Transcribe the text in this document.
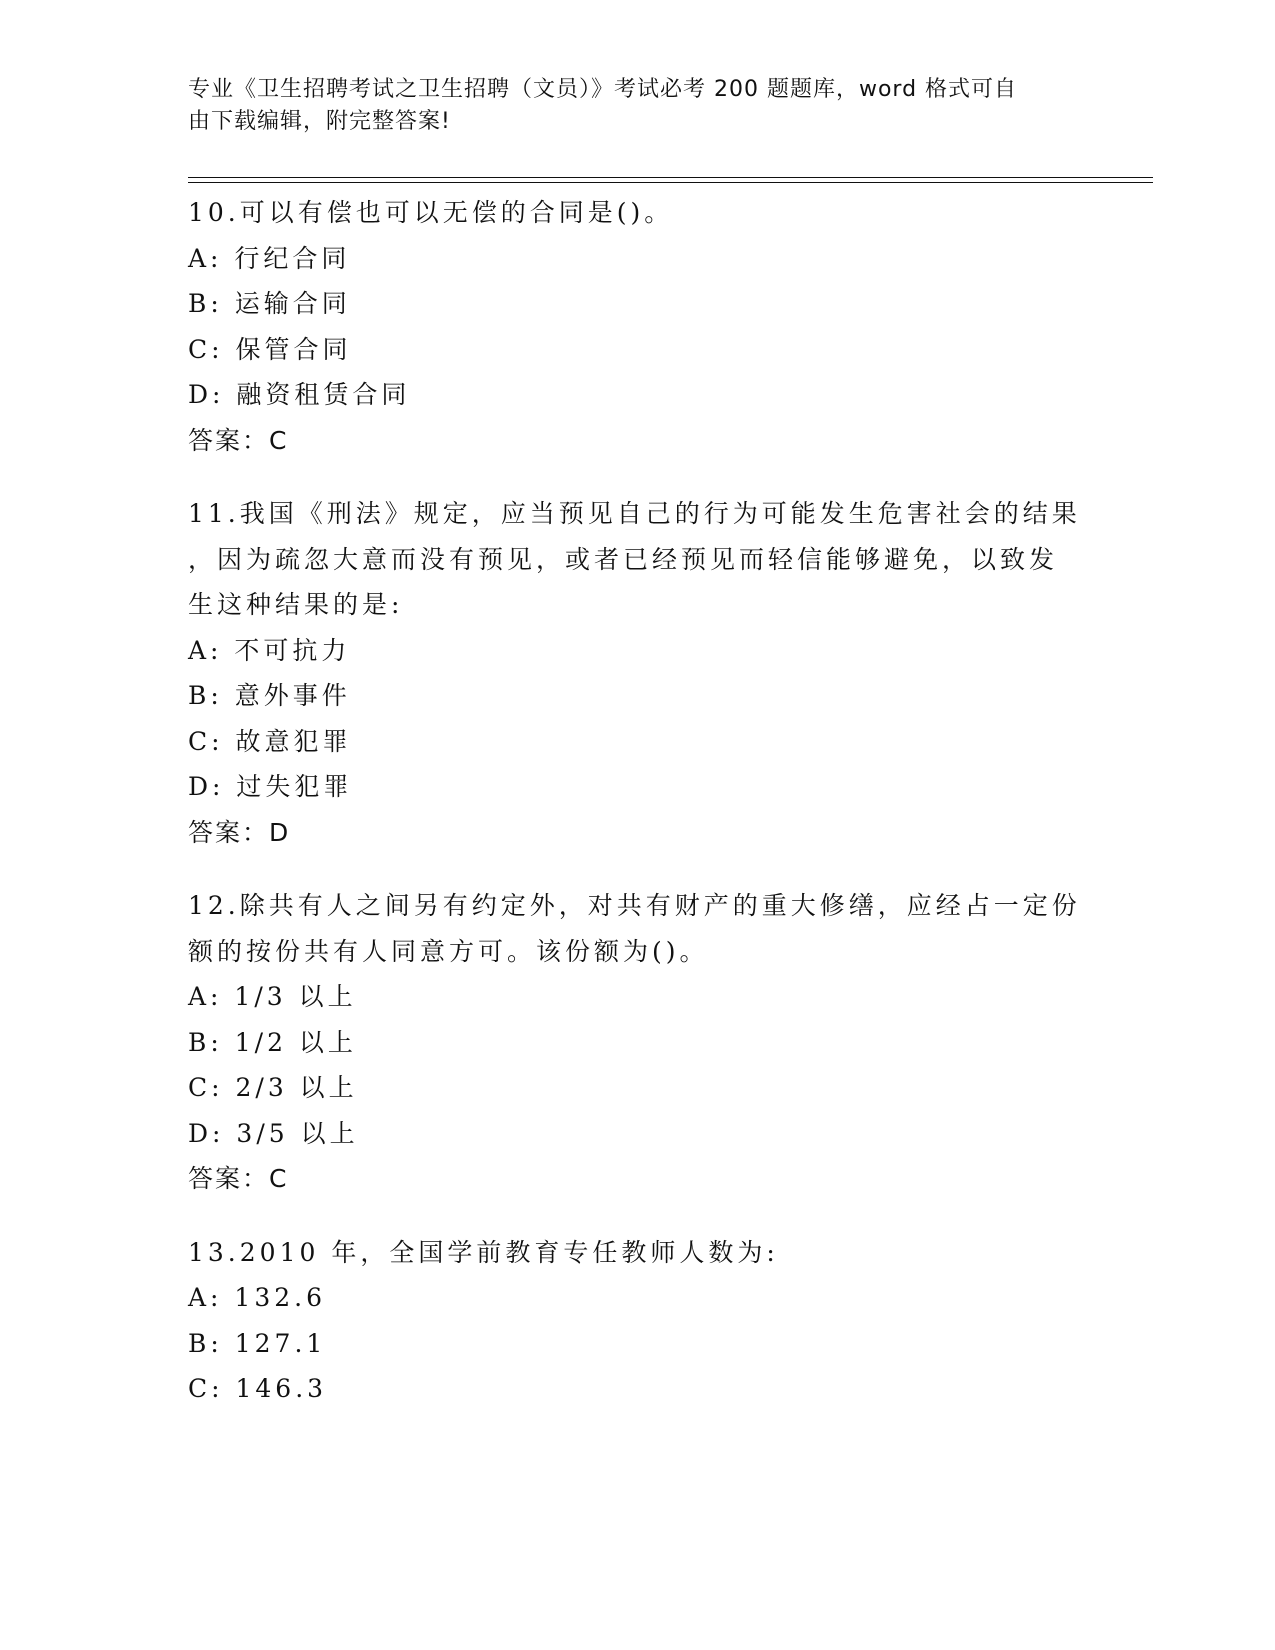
专业《卫生招聘考试之卫生招聘（文员）》考试必考 200 题题库，word 格式可自
由下载编辑，附完整答案!
10.可以有偿也可以无偿的合同是()。
A: 行纪合同
B: 运输合同
C: 保管合同
D: 融资租赁合同
答案：C
11.我国《刑法》规定，应当预见自己的行为可能发生危害社会的结果
，因为疏忽大意而没有预见，或者已经预见而轻信能够避免，以致发
生这种结果的是:
A: 不可抗力
B: 意外事件
C: 故意犯罪
D: 过失犯罪
答案：D
12.除共有人之间另有约定外，对共有财产的重大修缮，应经占一定份
额的按份共有人同意方可。该份额为()。
A: 1/3 以上
B: 1/2 以上
C: 2/3 以上
D: 3/5 以上
答案：C
13.2010 年，全国学前教育专任教师人数为:
A: 132.6
B: 127.1
C: 146.3
